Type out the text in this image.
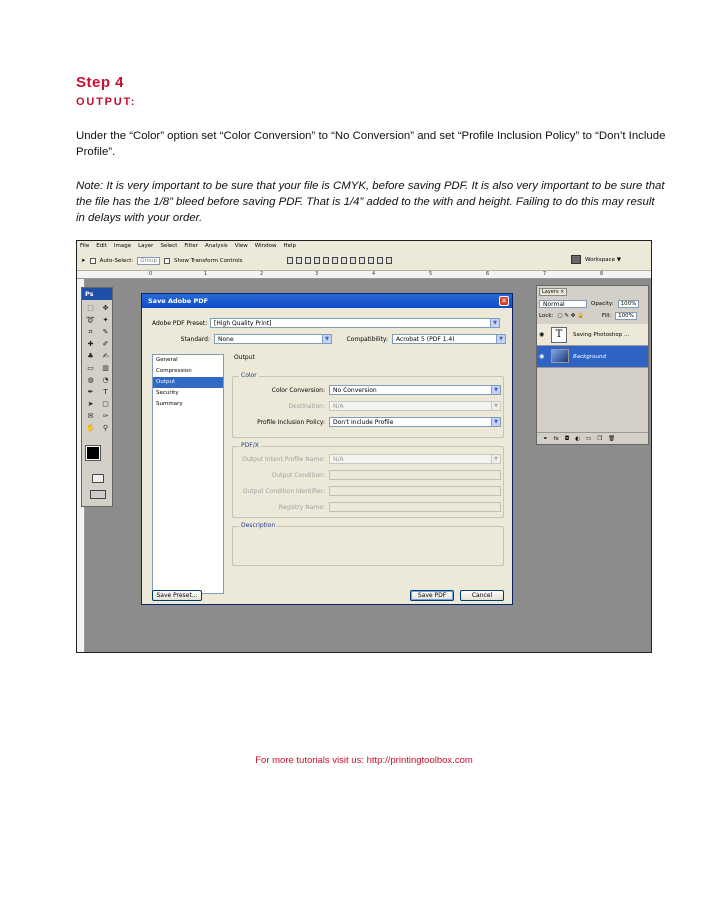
Step 4
OUTPUT:

Under the “Color” option set “Color Conversion” to “No Conversion” and set “Profile Inclusion Policy” to “Don’t Include Profile”.

Note: It is very important to be sure that your file is CMYK, before saving PDF. It is also very important to be sure that the file has the 1/8” bleed before saving PDF. That is 1/4” added to the with and height. Failing to do this may result in delays with your order.

File Edit Image Layer Select Filter Analysis View Window Help
➤	Auto-Select:	Group	Show Transform Controls	Workspace ▼
0	1	2	3	4	5	6	7	8
Ps
⬚	✥
➰	✦
⌗	✎
✚	✐
♣	✍
▭	▥
◍	◔
✒	T
➤	▢
✉	✑
✋	⚲
Save Adobe PDF	✕
Adobe PDF Preset:	[High Quality Print]	▼
Standard: None	▼	Compatibility: Acrobat 5 (PDF 1.4)	▼
General
Compression
Output
Security
Summary
Output
Color
Color Conversion: No Conversion	▼
Destination: N/A	▼
Profile Inclusion Policy: Don't Include Profile	▼
PDF/X
Output Intent Profile Name: N/A	▼
Output Condition:
Output Condition Identifier:
Registry Name:
Description
Save Preset...	Save PDF	Cancel
Layers ×
Normal	Opacity:	100%
Lock: ▢ ✎ ✥ 🔒	Fill:	100%
◉	T	Saving Photoshop ...
◉	Background
⚭ fx ◘ ◐ ▭ ❐ 🗑
For more tutorials visit us: http://printingtoolbox.com
